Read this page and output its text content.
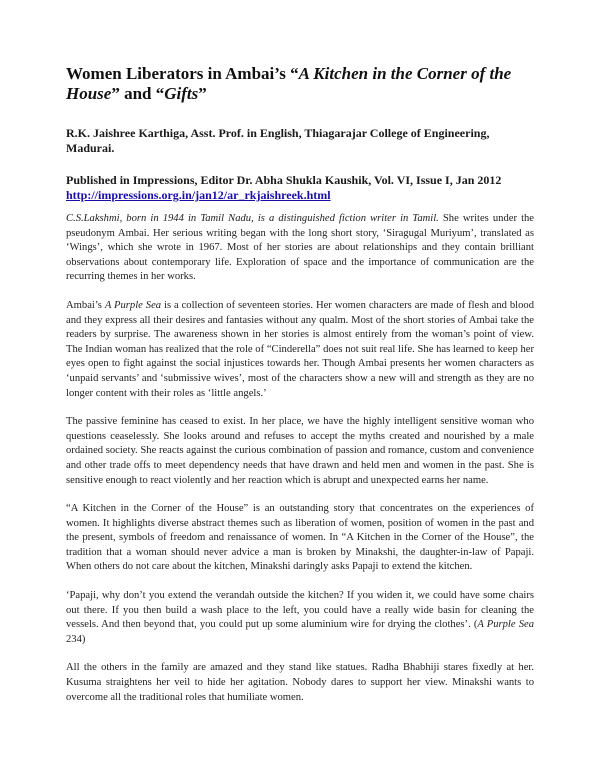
Women Liberators in Ambai’s “A Kitchen in the Corner of the House” and “Gifts”
R.K. Jaishree Karthiga, Asst. Prof. in English, Thiagarajar College of Engineering, Madurai.
Published in Impressions, Editor Dr. Abha Shukla Kaushik, Vol. VI, Issue I, Jan 2012
http://impressions.org.in/jan12/ar_rkjaishreek.html

C.S.Lakshmi, born in 1944 in Tamil Nadu, is a distinguished fiction writer in Tamil. She writes under the pseudonym Ambai. Her serious writing began with the long short story, ‘Siragugal Muriyum’, translated as ‘Wings’, which she wrote in 1967. Most of her stories are about relationships and they contain brilliant observations about contemporary life. Exploration of space and the importance of communication are the recurring themes in her works.

Ambai’s A Purple Sea is a collection of seventeen stories. Her women characters are made of flesh and blood and they express all their desires and fantasies without any qualm. Most of the short stories of Ambai take the readers by surprise. The awareness shown in her stories is almost entirely from the woman’s point of view. The Indian woman has realized that the role of “Cinderella” does not suit real life. She has learned to keep her eyes open to fight against the social injustices towards her. Though Ambai presents her women characters as ‘unpaid servants’ and ‘submissive wives’, most of the characters show a new will and strength as they are no longer content with their roles as ‘little angels.’

The passive feminine has ceased to exist. In her place, we have the highly intelligent sensitive woman who questions ceaselessly. She looks around and refuses to accept the myths created and nourished by a male ordained society. She reacts against the curious combination of passion and romance, custom and convenience and other trade offs to meet dependency needs that have drawn and held men and women in the past. She is sensitive enough to react violently and her reaction which is abrupt and unexpected earns her name.

“A Kitchen in the Corner of the House” is an outstanding story that concentrates on the experiences of women. It highlights diverse abstract themes such as liberation of women, position of women in the past and the present, symbols of freedom and renaissance of women. In “A Kitchen in the Corner of the House”, the tradition that a woman should never advice a man is broken by Minakshi, the daughter-in-law of Papaji. When others do not care about the kitchen, Minakshi daringly asks Papaji to extend the kitchen.

‘Papaji, why don’t you extend the verandah outside the kitchen? If you widen it, we could have some chairs out there. If you then build a wash place to the left, you could have a really wide basin for cleaning the vessels. And then beyond that, you could put up some aluminium wire for drying the clothes’. (A Purple Sea 234)

All the others in the family are amazed and they stand like statues. Radha Bhabhiji stares fixedly at her. Kusuma straightens her veil to hide her agitation. Nobody dares to support her view. Minakshi wants to overcome all the traditional roles that humiliate women.
